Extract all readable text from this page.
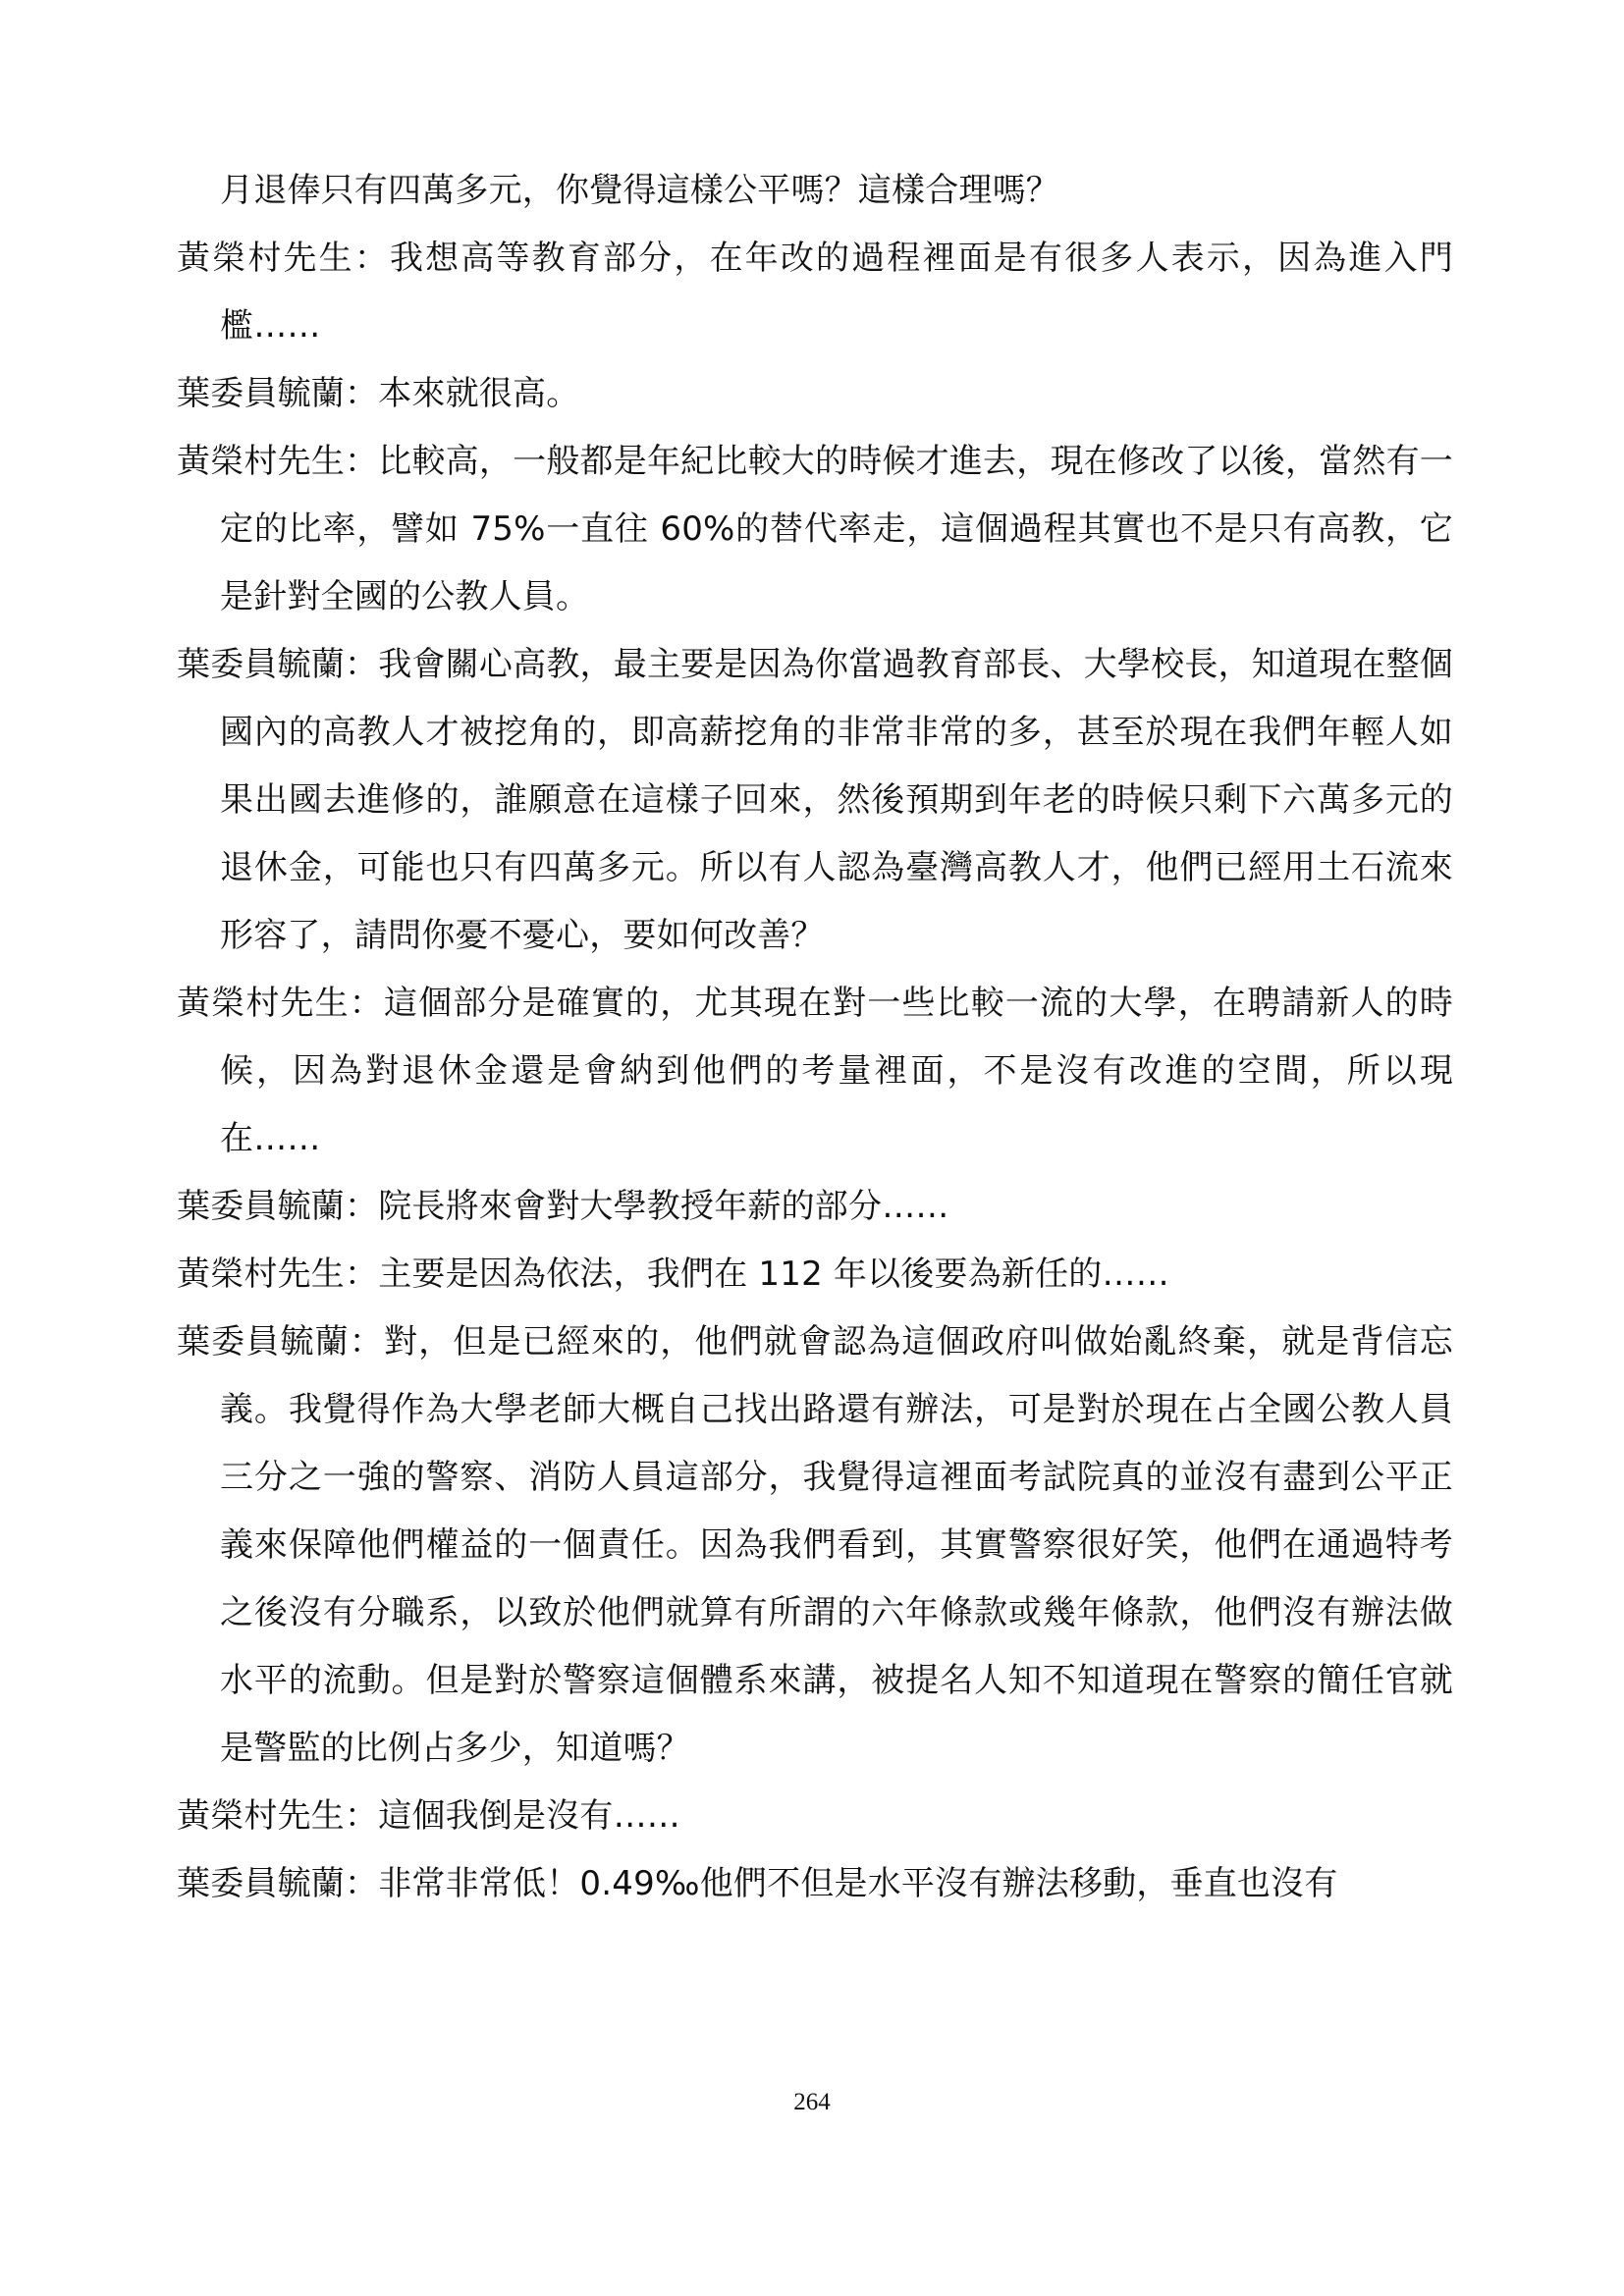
月退俸只有四萬多元，你覺得這樣公平嗎？這樣合理嗎？

黃榮村先生：我想高等教育部分，在年改的過程裡面是有很多人表示，因為進入門檻……

葉委員毓蘭：本來就很高。

黃榮村先生：比較高，一般都是年紀比較大的時候才進去，現在修改了以後，當然有一定的比率，譬如 75%一直往 60%的替代率走，這個過程其實也不是只有高教，它是針對全國的公教人員。

葉委員毓蘭：我會關心高教，最主要是因為你當過教育部長、大學校長，知道現在整個國內的高教人才被挖角的，即高薪挖角的非常非常的多，甚至於現在我們年輕人如果出國去進修的，誰願意在這樣子回來，然後預期到年老的時候只剩下六萬多元的退休金，可能也只有四萬多元。所以有人認為臺灣高教人才，他們已經用土石流來形容了，請問你憂不憂心，要如何改善？

黃榮村先生：這個部分是確實的，尤其現在對一些比較一流的大學，在聘請新人的時候，因為對退休金還是會納到他們的考量裡面，不是沒有改進的空間，所以現在……

葉委員毓蘭：院長將來會對大學教授年薪的部分……

黃榮村先生：主要是因為依法，我們在 112 年以後要為新任的……

葉委員毓蘭：對，但是已經來的，他們就會認為這個政府叫做始亂終棄，就是背信忘義。我覺得作為大學老師大概自己找出路還有辦法，可是對於現在占全國公教人員三分之一強的警察、消防人員這部分，我覺得這裡面考試院真的並沒有盡到公平正義來保障他們權益的一個責任。因為我們看到，其實警察很好笑，他們在通過特考之後沒有分職系，以致於他們就算有所謂的六年條款或幾年條款，他們沒有辦法做水平的流動。但是對於警察這個體系來講，被提名人知不知道現在警察的簡任官就是警監的比例占多少，知道嗎？

黃榮村先生：這個我倒是沒有……

葉委員毓蘭：非常非常低！0.49‰他們不但是水平沒有辦法移動，垂直也沒有

264
